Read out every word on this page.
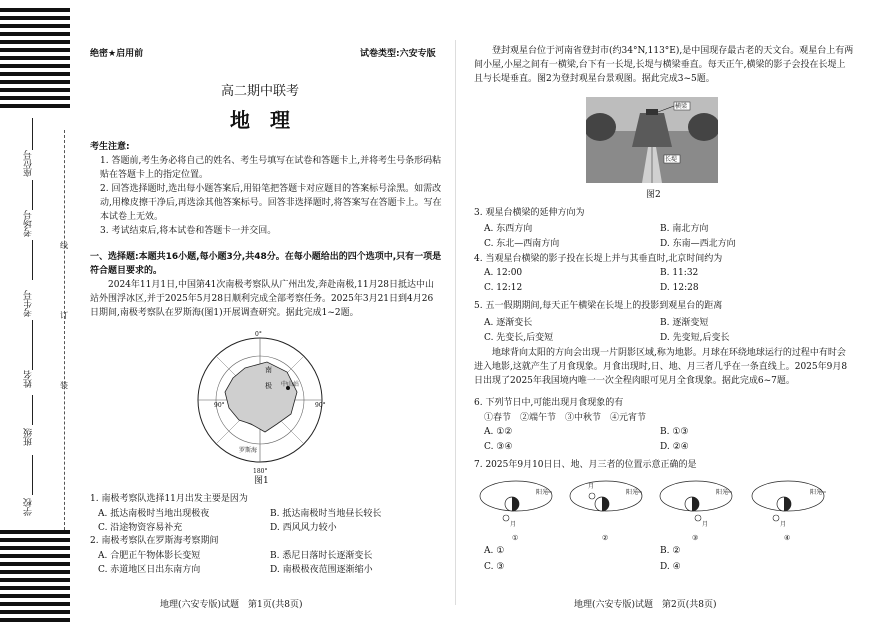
座位号
考场号
考生号
姓名
班级
学校
线
订
装
绝密★启用前	试卷类型:六安专版
高二期中联考
地　理
考生注意:
1. 答题前,考生务必将自己的姓名、考生号填写在试卷和答题卡上,并将考生号条形码粘贴在答题卡上的指定位置。
2. 回答选择题时,选出每小题答案后,用铅笔把答题卡对应题目的答案标号涂黑。如需改动,用橡皮擦干净后,再选涂其他答案标号。回答非选择题时,将答案写在答题卡上。写在本试卷上无效。
3. 考试结束后,将本试卷和答题卡一并交回。
一、选择题:本题共16小题,每小题3分,共48分。在每小题给出的四个选项中,只有一项是符合题目要求的。
2024年11月1日,中国第41次南极考察队从广州出发,奔赴南极,11月28日抵达中山站外围浮冰区,并于2025年5月28日顺利完成全部考察任务。2025年3月21日到4月26日期间,南极考察队在罗斯海(图1)开展调查研究。据此完成1~2题。
90°	90°
0°
180°
南
极 中山站
罗斯海
图1
1. 南极考察队选择11月出发主要是因为
A. 抵达南极时当地出现极夜	B. 抵达南极时当地昼长较长
C. 沿途物资容易补充	D. 西风风力较小
2. 南极考察队在罗斯海考察期间
A. 合肥正午物体影长变短	B. 悉尼日落时长逐渐变长
C. 赤道地区日出东南方向	D. 南极极夜范围逐渐缩小
地理(六安专版)试题　第1页(共8页)
登封观星台位于河南省登封市(约34°N,113°E),是中国现存最古老的天文台。观星台上有两间小屋,小屋之间有一横梁,台下有一长堤,长堤与横梁垂直。每天正午,横梁的影子会投在长堤上且与长堤垂直。图2为登封观星台景观图。据此完成3~5题。
横梁
长堤
图2
3. 观星台横梁的延伸方向为
A. 东西方向	B. 南北方向
C. 东北—西南方向	D. 东南—西北方向
4. 当观星台横梁的影子投在长堤上并与其垂直时,北京时间约为
A. 12:00	B. 11:32
C. 12:12	D. 12:28
5. 五一假期期间,每天正午横梁在长堤上的投影到观星台的距离
A. 逐渐变长	B. 逐渐变短
C. 先变长,后变短	D. 先变短,后变长
地球背向太阳的方向会出现一片阴影区域,称为地影。月球在环绕地球运行的过程中有时会进入地影,这就产生了月食现象。月食出现时,日、地、月三者几乎在一条直线上。2025年9月8日出现了2025年我国境内唯一一次全程肉眼可见月全食现象。据此完成6~7题。
6. 下列节日中,可能出现月食现象的有
①春节　②端午节　③中秋节　④元宵节
A. ①②	B. ①③
C. ③④	D. ②④
7. 2025年9月10日日、地、月三者的位置示意正确的是
阳光
月
①
阳光
月
②
阳光
月
③
阳光
月
④
A. ①	B. ②
C. ③	D. ④
地理(六安专版)试题　第2页(共8页)
